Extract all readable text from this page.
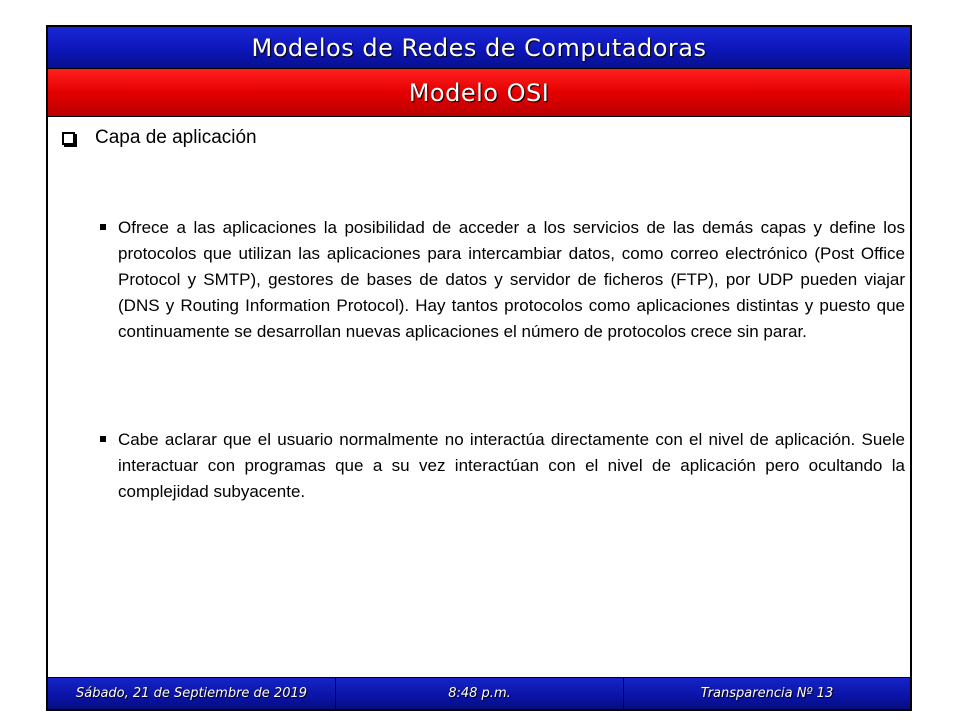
Modelos de Redes de Computadoras
Modelo OSI
Capa de aplicación
Ofrece a las aplicaciones la posibilidad de acceder a los servicios de las demás capas y define los protocolos que utilizan las aplicaciones para intercambiar datos, como correo electrónico (Post Office Protocol y SMTP), gestores de bases de datos y servidor de ficheros (FTP), por UDP pueden viajar (DNS y Routing Information Protocol). Hay tantos protocolos como aplicaciones distintas y puesto que continuamente se desarrollan nuevas aplicaciones el número de protocolos crece sin parar.
Cabe aclarar que el usuario normalmente no interactúa directamente con el nivel de aplicación. Suele interactuar con programas que a su vez interactúan con el nivel de aplicación pero ocultando la complejidad subyacente.
Sábado, 21 de Septiembre de 2019	8:48 p.m.	Transparencia Nº 13
